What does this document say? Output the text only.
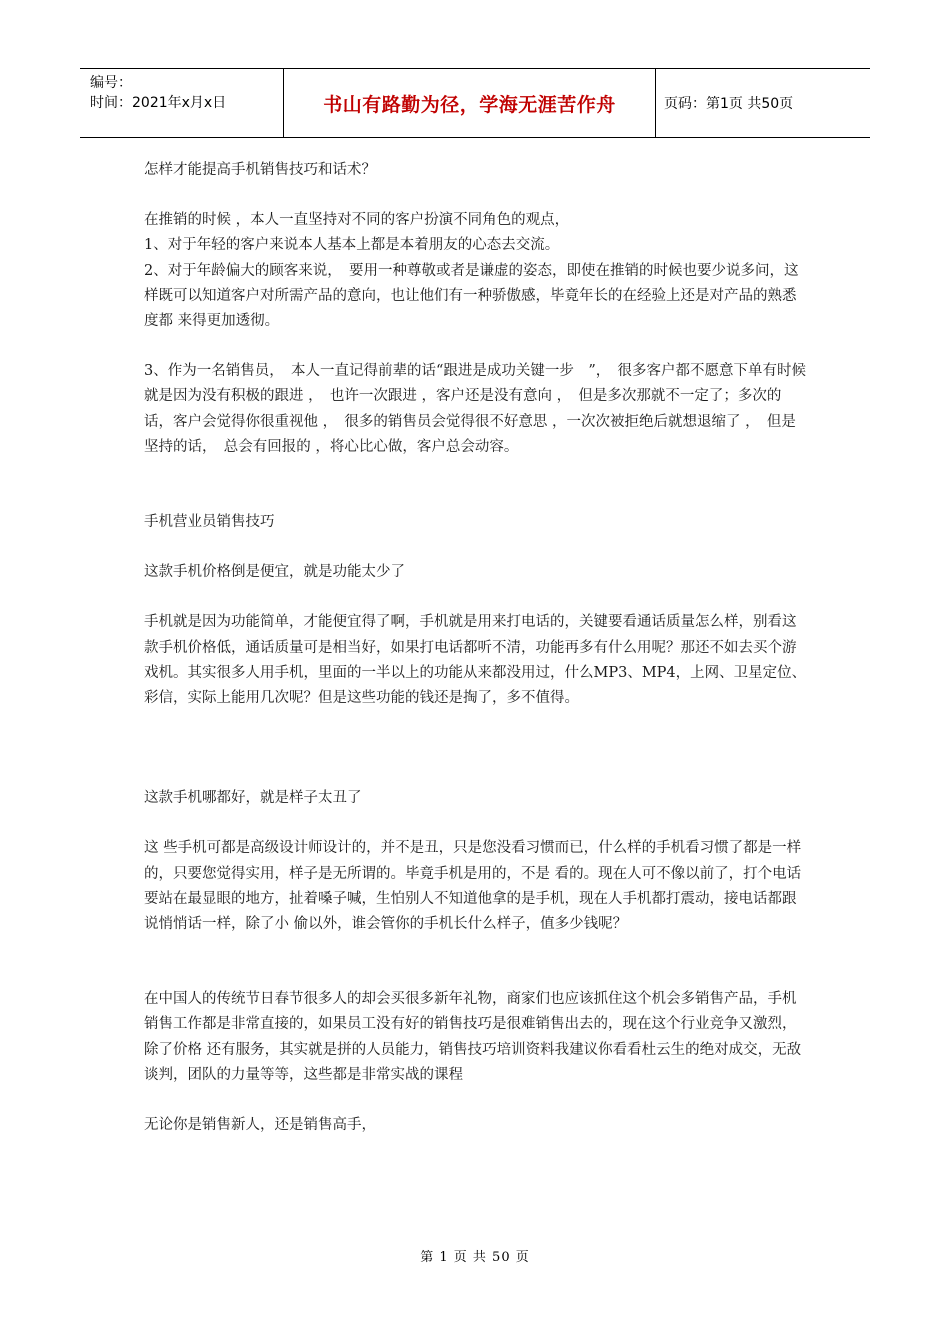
编号：
时间：2021年x月x日	书山有路勤为径，学海无涯苦作舟	页码：第1页 共50页

怎样才能提高手机销售技巧和话术？

在推销的时候 ，本人一直坚持对不同的客户扮演不同角色的观点，

1、对于年轻的客户来说本人基本上都是本着朋友的心态去交流。

2、对于年龄偏大的顾客来说，　要用一种尊敬或者是谦虚的姿态，即使在推销的时候也要少说多问，这样既可以知道客户对所需产品的意向，也让他们有一种骄傲感，毕竟年长的在经验上还是对产品的熟悉度都 来得更加透彻。

3、作为一名销售员，　本人一直记得前辈的话“跟进是成功关键一步　”，　很多客户都不愿意下单有时候就是因为没有积极的跟进 ，　也许一次跟进 ，客户还是没有意向 ，　但是多次那就不一定了；多次的话，客户会觉得你很重视他 ，　很多的销售员会觉得很不好意思 ，一次次被拒绝后就想退缩了 ，　但是坚持的话，　总会有回报的 ，将心比心做，客户总会动容。

手机营业员销售技巧

这款手机价格倒是便宜，就是功能太少了

手机就是因为功能简单，才能便宜得了啊，手机就是用来打电话的，关键要看通话质量怎么样，别看这款手机价格低，通话质量可是相当好，如果打电话都听不清，功能再多有什么用呢？那还不如去买个游戏机。其实很多人用手机，里面的一半以上的功能从来都没用过，什么MP3、MP4，上网、卫星定位、彩信，实际上能用几次呢？但是这些功能的钱还是掏了，多不值得。

这款手机哪都好，就是样子太丑了

这 些手机可都是高级设计师设计的，并不是丑，只是您没看习惯而已，什么样的手机看习惯了都是一样的，只要您觉得实用，样子是无所谓的。毕竟手机是用的，不是 看的。现在人可不像以前了，打个电话要站在最显眼的地方，扯着嗓子喊，生怕别人不知道他拿的是手机，现在人手机都打震动，接电话都跟说悄悄话一样，除了小 偷以外，谁会管你的手机长什么样子，值多少钱呢？

在中国人的传统节日春节很多人的却会买很多新年礼物，商家们也应该抓住这个机会多销售产品，手机销售工作都是非常直接的，如果员工没有好的销售技巧是很难销售出去的，现在这个行业竞争又激烈，除了价格 还有服务，其实就是拼的人员能力，销售技巧培训资料我建议你看看杜云生的绝对成交，无敌谈判，团队的力量等等，这些都是非常实战的课程

无论你是销售新人，还是销售高手，

第 1 页 共 50 页
